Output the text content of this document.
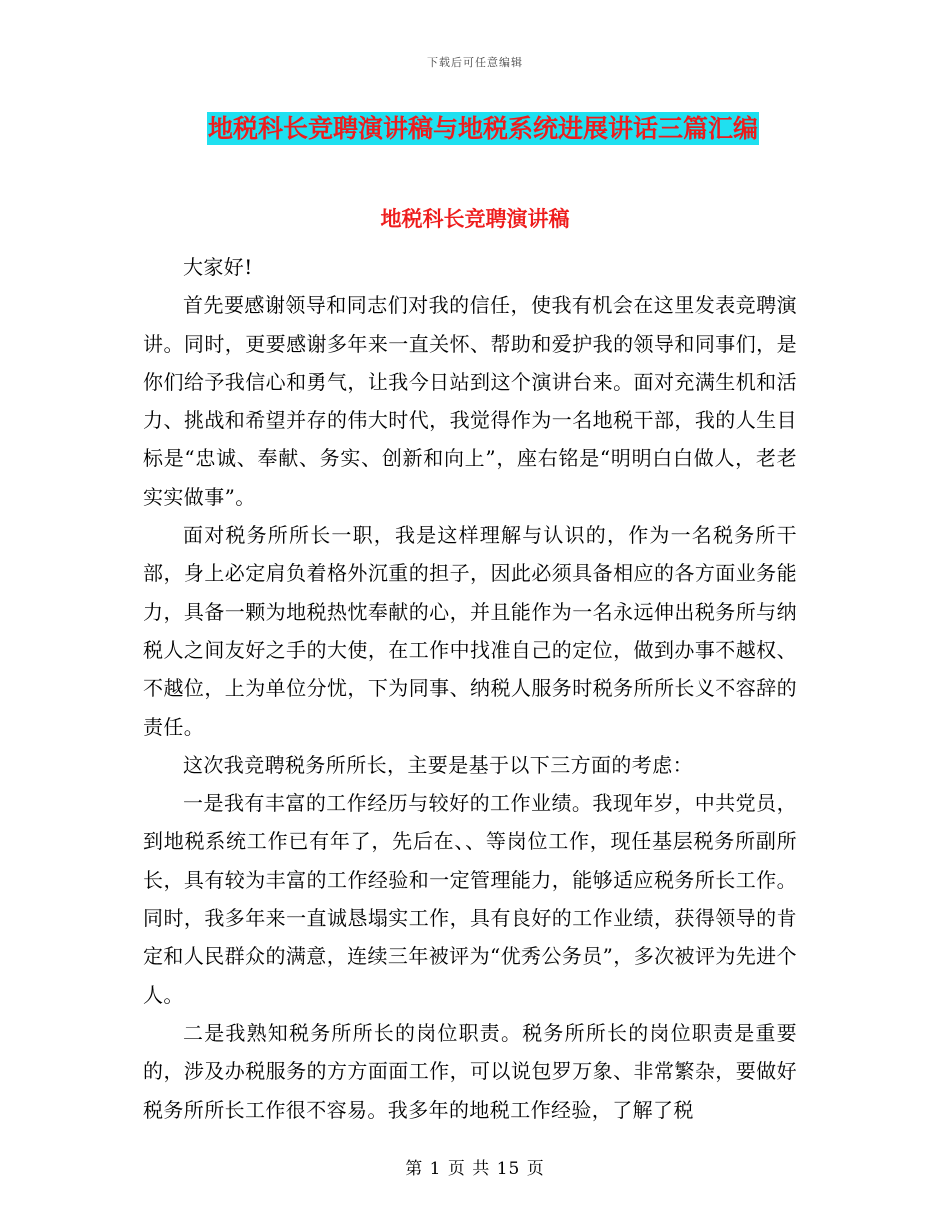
下载后可任意编辑
地税科长竞聘演讲稿与地税系统进展讲话三篇汇编
地税科长竞聘演讲稿

大家好!

首先要感谢领导和同志们对我的信任，使我有机会在这里发表竞聘演讲。同时，更要感谢多年来一直关怀、帮助和爱护我的领导和同事们，是你们给予我信心和勇气，让我今日站到这个演讲台来。面对充满生机和活力、挑战和希望并存的伟大时代，我觉得作为一名地税干部，我的人生目标是“忠诚、奉献、务实、创新和向上”，座右铭是“明明白白做人，老老实实做事”。

面对税务所所长一职，我是这样理解与认识的，作为一名税务所干部，身上必定肩负着格外沉重的担子，因此必须具备相应的各方面业务能力，具备一颗为地税热忱奉献的心，并且能作为一名永远伸出税务所与纳税人之间友好之手的大使，在工作中找准自己的定位，做到办事不越权、不越位，上为单位分忧，下为同事、纳税人服务时税务所所长义不容辞的责任。

这次我竞聘税务所所长，主要是基于以下三方面的考虑：

一是我有丰富的工作经历与较好的工作业绩。我现年岁，中共党员，到地税系统工作已有年了，先后在、、等岗位工作，现任基层税务所副所长，具有较为丰富的工作经验和一定管理能力，能够适应税务所长工作。同时，我多年来一直诚恳塌实工作，具有良好的工作业绩，获得领导的肯定和人民群众的满意，连续三年被评为“优秀公务员”，多次被评为先进个人。

二是我熟知税务所所长的岗位职责。税务所所长的岗位职责是重要的，涉及办税服务的方方面面工作，可以说包罗万象、非常繁杂，要做好税务所所长工作很不容易。我多年的地税工作经验，了解了税

第 1 页 共 15 页
